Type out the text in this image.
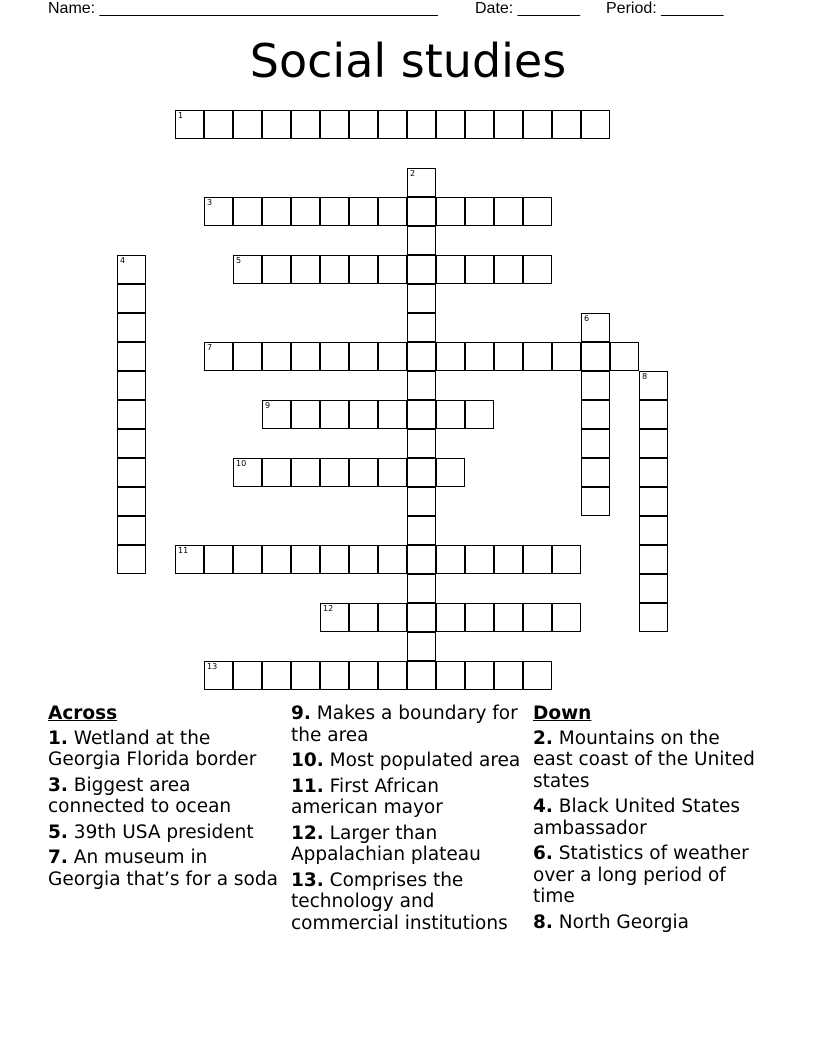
Name: ______________________________________ Date: _______ Period: _______
Social studies
1
3
5
7
9
10
11
12
13
2
4
6
8
Across
1. Wetland at the Georgia Florida border
3. Biggest area connected to ocean
5. 39th USA president
7. An museum in Georgia that’s for a soda
9. Makes a boundary for the area
10. Most populated area
11. First African american mayor
12. Larger than Appalachian plateau
13. Comprises the technology and commercial institutions
Down
2. Mountains on the east coast of the United states
4. Black United States ambassador
6. Statistics of weather over a long period of time
8. North Georgia
